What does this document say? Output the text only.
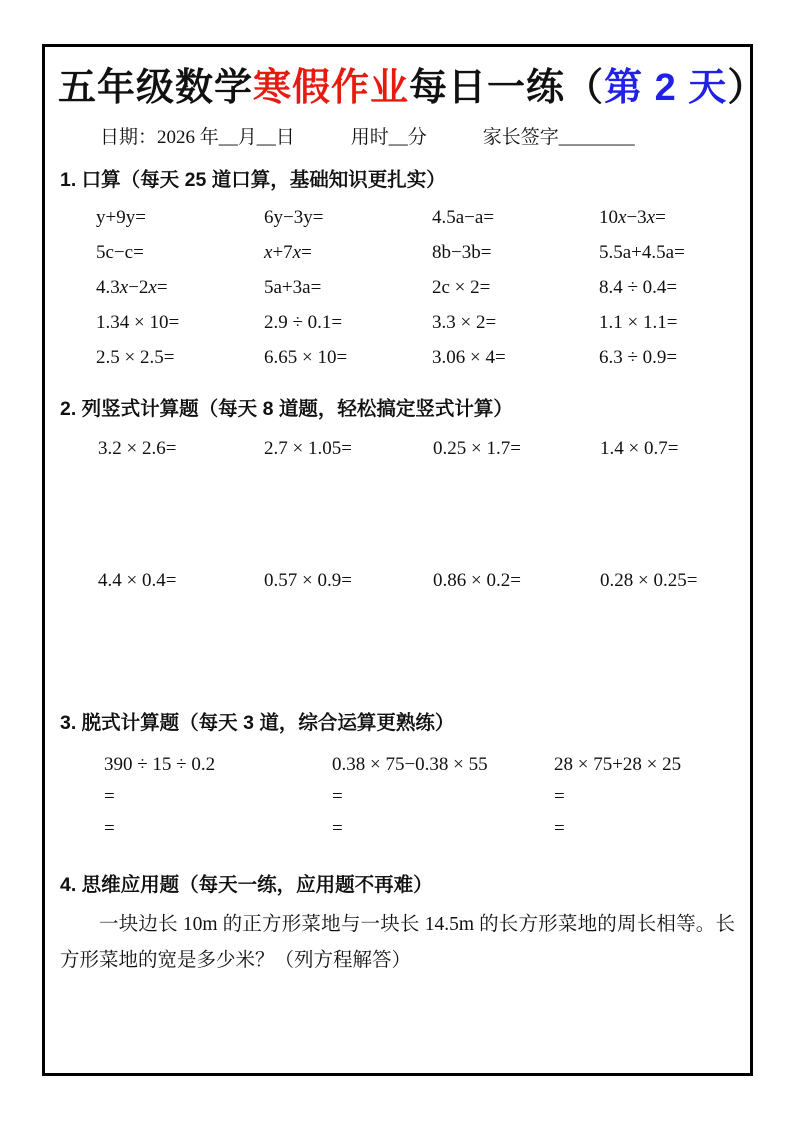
五年级数学寒假作业每日一练（第 2 天）
日期：2026 年__月__日	用时__分	家长签字________
1. 口算（每天 25 道口算，基础知识更扎实）
y+9y=	6y−3y=	4.5a−a=	10x−3x=
5c−c=	x+7x=	8b−3b=	5.5a+4.5a=
4.3x−2x=	5a+3a=	2c × 2=	8.4 ÷ 0.4=
1.34 × 10=	2.9 ÷ 0.1=	3.3 × 2=	1.1 × 1.1=
2.5 × 2.5=	6.65 × 10=	3.06 × 4=	6.3 ÷ 0.9=
2. 列竖式计算题（每天 8 道题，轻松搞定竖式计算）
3.2 × 2.6=	2.7 × 1.05=	0.25 × 1.7=	1.4 × 0.7=
4.4 × 0.4=	0.57 × 0.9=	0.86 × 0.2=	0.28 × 0.25=
3. 脱式计算题（每天 3 道，综合运算更熟练）
390 ÷ 15 ÷ 0.2
=
=
0.38 × 75−0.38 × 55
=
=
28 × 75+28 × 25
=
=
4. 思维应用题（每天一练，应用题不再难）

一块边长 10m 的正方形菜地与一块长 14.5m 的长方形菜地的周长相等。长方形菜地的宽是多少米？（列方程解答）
